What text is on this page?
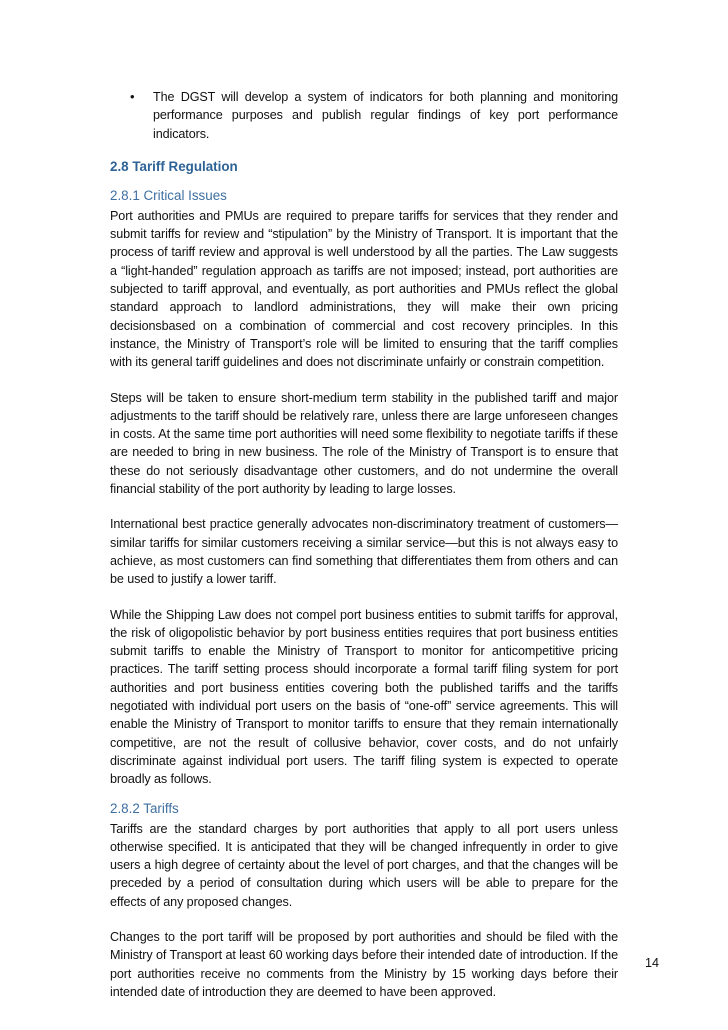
• The DGST will develop a system of indicators for both planning and monitoring performance purposes and publish regular findings of key port performance indicators.

2.8 Tariff Regulation
2.8.1 Critical Issues

Port authorities and PMUs are required to prepare tariffs for services that they render and submit tariffs for review and “stipulation” by the Ministry of Transport. It is important that the process of tariff review and approval is well understood by all the parties. The Law suggests a “light-handed” regulation approach as tariffs are not imposed; instead, port authorities are subjected to tariff approval, and eventually, as port authorities and PMUs reflect the global standard approach to landlord administrations, they will make their own pricing decisionsbased on a combination of commercial and cost recovery principles. In this instance, the Ministry of Transport’s role will be limited to ensuring that the tariff complies with its general tariff guidelines and does not discriminate unfairly or constrain competition.

Steps will be taken to ensure short-medium term stability in the published tariff and major adjustments to the tariff should be relatively rare, unless there are large unforeseen changes in costs. At the same time port authorities will need some flexibility to negotiate tariffs if these are needed to bring in new business. The role of the Ministry of Transport is to ensure that these do not seriously disadvantage other customers, and do not undermine the overall financial stability of the port authority by leading to large losses.

International best practice generally advocates non-discriminatory treatment of customers—similar tariffs for similar customers receiving a similar service—but this is not always easy to achieve, as most customers can find something that differentiates them from others and can be used to justify a lower tariff.

While the Shipping Law does not compel port business entities to submit tariffs for approval, the risk of oligopolistic behavior by port business entities requires that port business entities submit tariffs to enable the Ministry of Transport to monitor for anticompetitive pricing practices. The tariff setting process should incorporate a formal tariff filing system for port authorities and port business entities covering both the published tariffs and the tariffs negotiated with individual port users on the basis of “one-off” service agreements. This will enable the Ministry of Transport to monitor tariffs to ensure that they remain internationally competitive, are not the result of collusive behavior, cover costs, and do not unfairly discriminate against individual port users. The tariff filing system is expected to operate broadly as follows.

2.8.2 Tariffs

Tariffs are the standard charges by port authorities that apply to all port users unless otherwise specified. It is anticipated that they will be changed infrequently in order to give users a high degree of certainty about the level of port charges, and that the changes will be preceded by a period of consultation during which users will be able to prepare for the effects of any proposed changes.

Changes to the port tariff will be proposed by port authorities and should be filed with the Ministry of Transport at least 60 working days before their intended date of introduction. If the port authorities receive no comments from the Ministry by 15 working days before their intended date of introduction they are deemed to have been approved.

14
